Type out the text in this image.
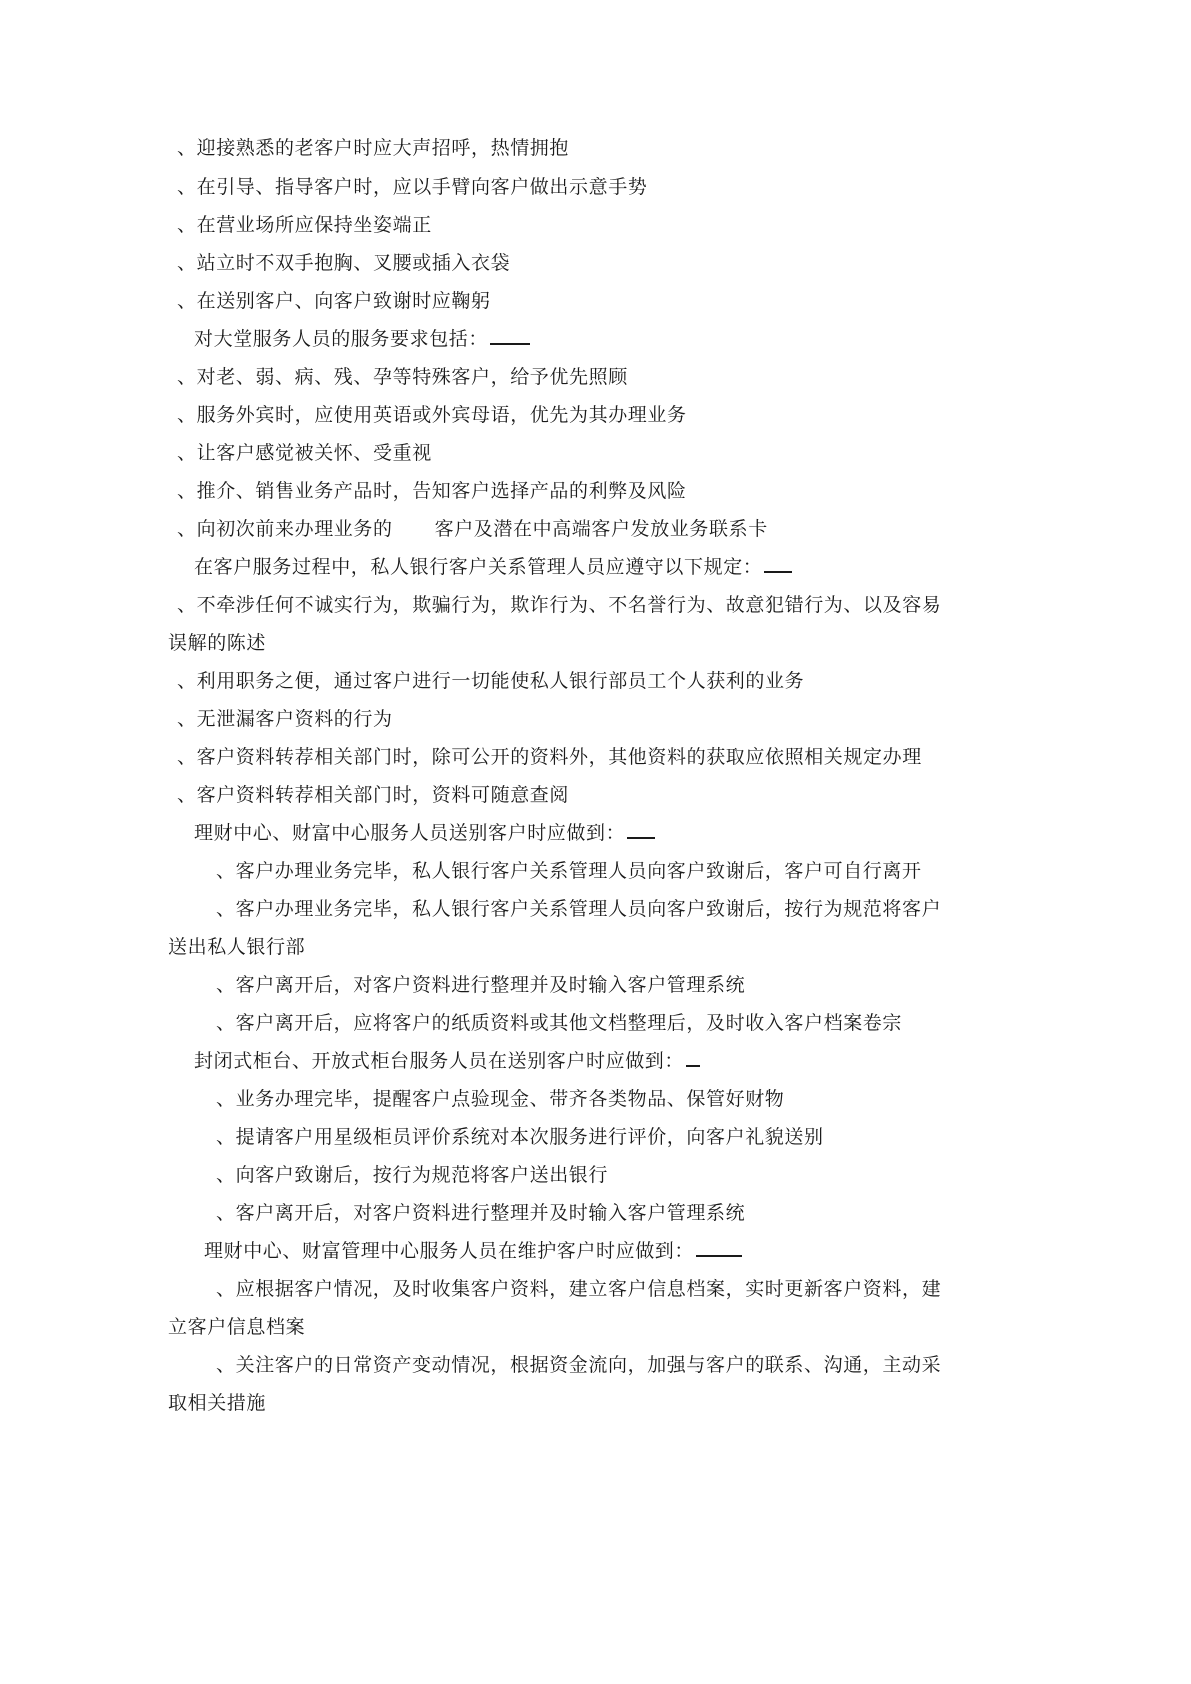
、迎接熟悉的老客户时应大声招呼，热情拥抱
、在引导、指导客户时，应以手臂向客户做出示意手势
、在营业场所应保持坐姿端正
、站立时不双手抱胸、叉腰或插入衣袋
、在送别客户、向客户致谢时应鞠躬
对大堂服务人员的服务要求包括：
、对老、弱、病、残、孕等特殊客户，给予优先照顾
、服务外宾时，应使用英语或外宾母语，优先为其办理业务
、让客户感觉被关怀、受重视
、推介、销售业务产品时，告知客户选择产品的利弊及风险
、向初次前来办理业务的 客户及潜在中高端客户发放业务联系卡
在客户服务过程中，私人银行客户关系管理人员应遵守以下规定：
、不牵涉任何不诚实行为，欺骗行为，欺诈行为、不名誉行为、故意犯错行为、以及容易
误解的陈述
、利用职务之便，通过客户进行一切能使私人银行部员工个人获利的业务
、无泄漏客户资料的行为
、客户资料转荐相关部门时，除可公开的资料外，其他资料的获取应依照相关规定办理
、客户资料转荐相关部门时，资料可随意查阅
理财中心、财富中心服务人员送别客户时应做到：
、客户办理业务完毕，私人银行客户关系管理人员向客户致谢后，客户可自行离开
、客户办理业务完毕，私人银行客户关系管理人员向客户致谢后，按行为规范将客户
送出私人银行部
、客户离开后，对客户资料进行整理并及时输入客户管理系统
、客户离开后，应将客户的纸质资料或其他文档整理后，及时收入客户档案卷宗
封闭式柜台、开放式柜台服务人员在送别客户时应做到：
、业务办理完毕，提醒客户点验现金、带齐各类物品、保管好财物
、提请客户用星级柜员评价系统对本次服务进行评价，向客户礼貌送别
、向客户致谢后，按行为规范将客户送出银行
、客户离开后，对客户资料进行整理并及时输入客户管理系统
理财中心、财富管理中心服务人员在维护客户时应做到：
、应根据客户情况，及时收集客户资料，建立客户信息档案，实时更新客户资料，建
立客户信息档案
、关注客户的日常资产变动情况，根据资金流向，加强与客户的联系、沟通，主动采
取相关措施
